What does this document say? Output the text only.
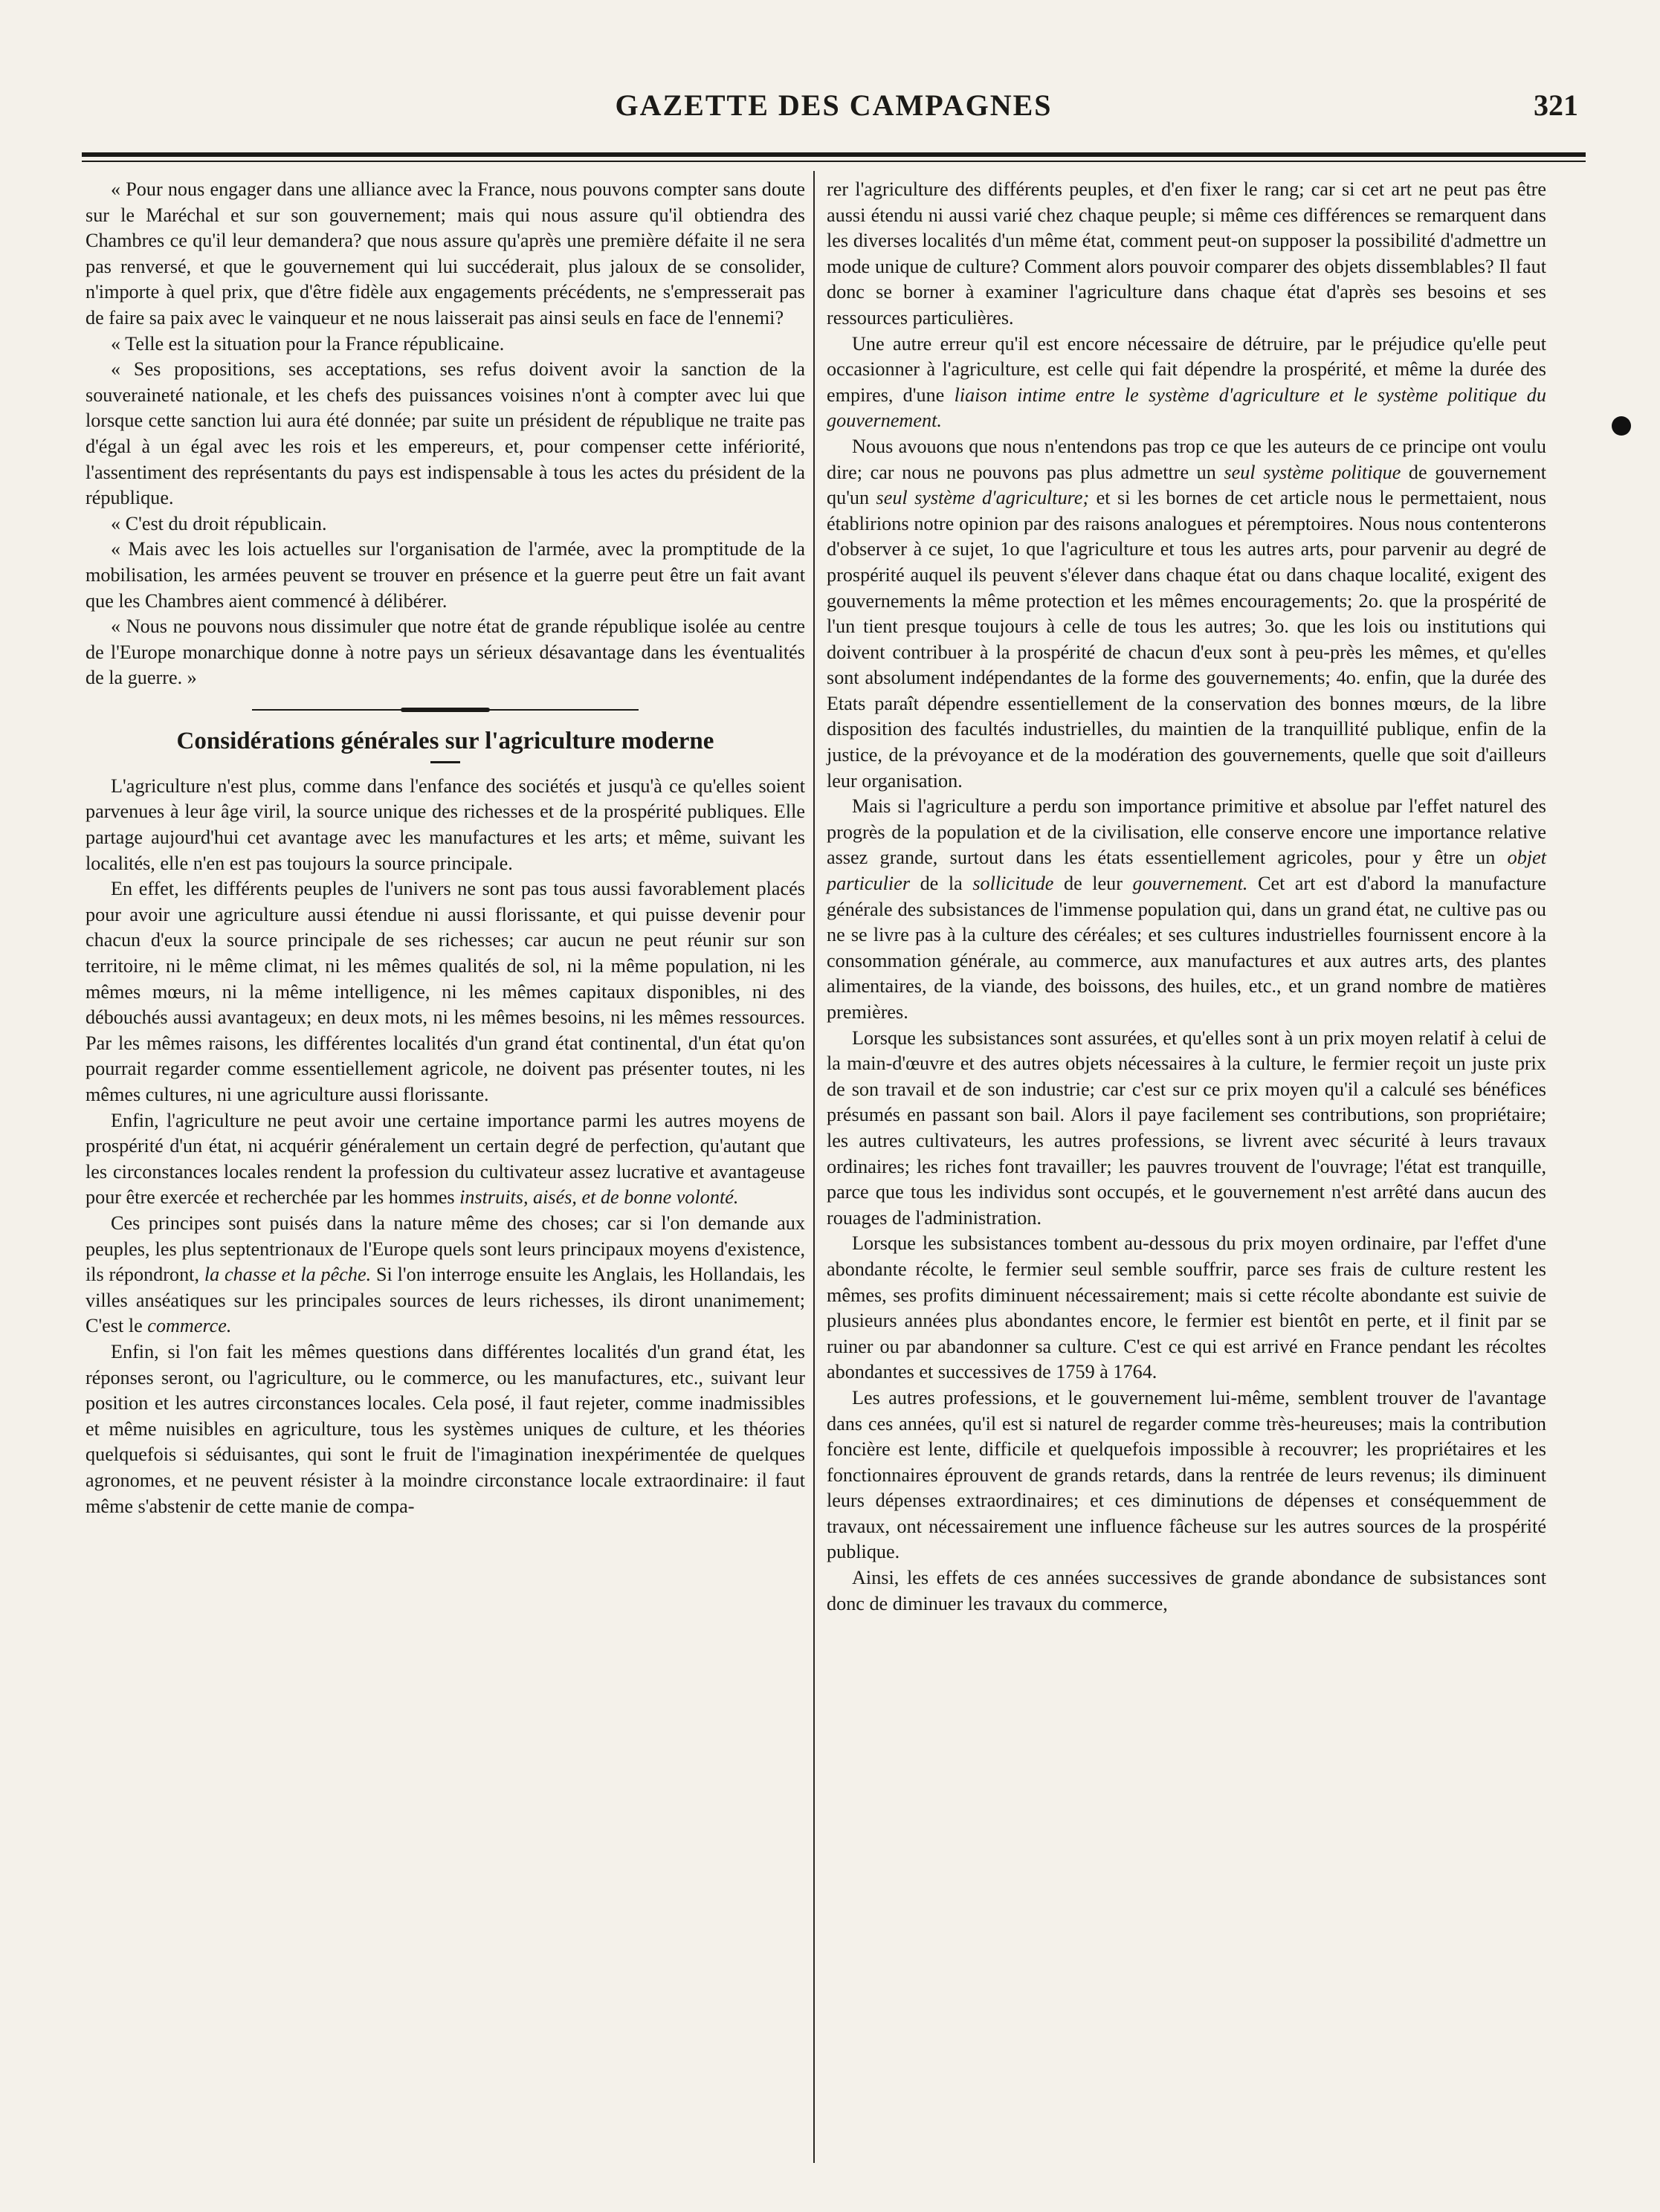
GAZETTE DES CAMPAGNES	321

« Pour nous engager dans une alliance avec la France, nous pouvons compter sans doute sur le Maréchal et sur son gouvernement; mais qui nous assure qu'il obtiendra des Chambres ce qu'il leur demandera? que nous assure qu'après une première défaite il ne sera pas renversé, et que le gouvernement qui lui succéderait, plus jaloux de se consolider, n'importe à quel prix, que d'être fidèle aux engagements précédents, ne s'empresserait pas de faire sa paix avec le vainqueur et ne nous laisserait pas ainsi seuls en face de l'ennemi?

« Telle est la situation pour la France républicaine.

« Ses propositions, ses acceptations, ses refus doivent avoir la sanction de la souveraineté nationale, et les chefs des puissances voisines n'ont à compter avec lui que lorsque cette sanction lui aura été donnée; par suite un président de république ne traite pas d'égal à un égal avec les rois et les empereurs, et, pour compenser cette infériorité, l'assentiment des représentants du pays est indispensable à tous les actes du président de la république.

« C'est du droit républicain.

« Mais avec les lois actuelles sur l'organisation de l'armée, avec la promptitude de la mobilisation, les armées peuvent se trouver en présence et la guerre peut être un fait avant que les Chambres aient commencé à délibérer.

« Nous ne pouvons nous dissimuler que notre état de grande république isolée au centre de l'Europe monarchique donne à notre pays un sérieux désavantage dans les éventualités de la guerre. »

Considérations générales sur l'agriculture moderne

L'agriculture n'est plus, comme dans l'enfance des sociétés et jusqu'à ce qu'elles soient parvenues à leur âge viril, la source unique des richesses et de la prospérité publiques. Elle partage aujourd'hui cet avantage avec les manufactures et les arts; et même, suivant les localités, elle n'en est pas toujours la source principale.

En effet, les différents peuples de l'univers ne sont pas tous aussi favorablement placés pour avoir une agriculture aussi étendue ni aussi florissante, et qui puisse devenir pour chacun d'eux la source principale de ses richesses; car aucun ne peut réunir sur son territoire, ni le même climat, ni les mêmes qualités de sol, ni la même population, ni les mêmes mœurs, ni la même intelligence, ni les mêmes capitaux disponibles, ni des débouchés aussi avantageux; en deux mots, ni les mêmes besoins, ni les mêmes ressources. Par les mêmes raisons, les différentes localités d'un grand état continental, d'un état qu'on pourrait regarder comme essentiellement agricole, ne doivent pas présenter toutes, ni les mêmes cultures, ni une agriculture aussi florissante.

Enfin, l'agriculture ne peut avoir une certaine importance parmi les autres moyens de prospérité d'un état, ni acquérir généralement un certain degré de perfection, qu'autant que les circonstances locales rendent la profession du cultivateur assez lucrative et avantageuse pour être exercée et recherchée par les hommes instruits, aisés, et de bonne volonté.

Ces principes sont puisés dans la nature même des choses; car si l'on demande aux peuples, les plus septentrionaux de l'Europe quels sont leurs principaux moyens d'existence, ils répondront, la chasse et la pêche. Si l'on interroge ensuite les Anglais, les Hollandais, les villes anséatiques sur les principales sources de leurs richesses, ils diront unanimement; C'est le commerce.

Enfin, si l'on fait les mêmes questions dans différentes localités d'un grand état, les réponses seront, ou l'agriculture, ou le commerce, ou les manufactures, etc., suivant leur position et les autres circonstances locales. Cela posé, il faut rejeter, comme inadmissibles et même nuisibles en agriculture, tous les systèmes uniques de culture, et les théories quelquefois si séduisantes, qui sont le fruit de l'imagination inexpérimentée de quelques agronomes, et ne peuvent résister à la moindre circonstance locale extraordinaire: il faut même s'abstenir de cette manie de compa-

rer l'agriculture des différents peuples, et d'en fixer le rang; car si cet art ne peut pas être aussi étendu ni aussi varié chez chaque peuple; si même ces différences se remarquent dans les diverses localités d'un même état, comment peut-on supposer la possibilité d'admettre un mode unique de culture? Comment alors pouvoir comparer des objets dissemblables? Il faut donc se borner à examiner l'agriculture dans chaque état d'après ses besoins et ses ressources particulières.

Une autre erreur qu'il est encore nécessaire de détruire, par le préjudice qu'elle peut occasionner à l'agriculture, est celle qui fait dépendre la prospérité, et même la durée des empires, d'une liaison intime entre le système d'agriculture et le système politique du gouvernement.

Nous avouons que nous n'entendons pas trop ce que les auteurs de ce principe ont voulu dire; car nous ne pouvons pas plus admettre un seul système politique de gouvernement qu'un seul système d'agriculture; et si les bornes de cet article nous le permettaient, nous établirions notre opinion par des raisons analogues et péremptoires. Nous nous contenterons d'observer à ce sujet, 1o que l'agriculture et tous les autres arts, pour parvenir au degré de prospérité auquel ils peuvent s'élever dans chaque état ou dans chaque localité, exigent des gouvernements la même protection et les mêmes encouragements; 2o. que la prospérité de l'un tient presque toujours à celle de tous les autres; 3o. que les lois ou institutions qui doivent contribuer à la prospérité de chacun d'eux sont à peu-près les mêmes, et qu'elles sont absolument indépendantes de la forme des gouvernements; 4o. enfin, que la durée des Etats paraît dépendre essentiellement de la conservation des bonnes mœurs, de la libre disposition des facultés industrielles, du maintien de la tranquillité publique, enfin de la justice, de la prévoyance et de la modération des gouvernements, quelle que soit d'ailleurs leur organisation.

Mais si l'agriculture a perdu son importance primitive et absolue par l'effet naturel des progrès de la population et de la civilisation, elle conserve encore une importance relative assez grande, surtout dans les états essentiellement agricoles, pour y être un objet particulier de la sollicitude de leur gouvernement. Cet art est d'abord la manufacture générale des subsistances de l'immense population qui, dans un grand état, ne cultive pas ou ne se livre pas à la culture des céréales; et ses cultures industrielles fournissent encore à la consommation générale, au commerce, aux manufactures et aux autres arts, des plantes alimentaires, de la viande, des boissons, des huiles, etc., et un grand nombre de matières premières.

Lorsque les subsistances sont assurées, et qu'elles sont à un prix moyen relatif à celui de la main-d'œuvre et des autres objets nécessaires à la culture, le fermier reçoit un juste prix de son travail et de son industrie; car c'est sur ce prix moyen qu'il a calculé ses bénéfices présumés en passant son bail. Alors il paye facilement ses contributions, son propriétaire; les autres cultivateurs, les autres professions, se livrent avec sécurité à leurs travaux ordinaires; les riches font travailler; les pauvres trouvent de l'ouvrage; l'état est tranquille, parce que tous les individus sont occupés, et le gouvernement n'est arrêté dans aucun des rouages de l'administration.

Lorsque les subsistances tombent au-dessous du prix moyen ordinaire, par l'effet d'une abondante récolte, le fermier seul semble souffrir, parce ses frais de culture restent les mêmes, ses profits diminuent nécessairement; mais si cette récolte abondante est suivie de plusieurs années plus abondantes encore, le fermier est bientôt en perte, et il finit par se ruiner ou par abandonner sa culture. C'est ce qui est arrivé en France pendant les récoltes abondantes et successives de 1759 à 1764.

Les autres professions, et le gouvernement lui-même, semblent trouver de l'avantage dans ces années, qu'il est si naturel de regarder comme très-heureuses; mais la contribution foncière est lente, difficile et quelquefois impossible à recouvrer; les propriétaires et les fonctionnaires éprouvent de grands retards, dans la rentrée de leurs revenus; ils diminuent leurs dépenses extraordinaires; et ces diminutions de dépenses et conséquemment de travaux, ont nécessairement une influence fâcheuse sur les autres sources de la prospérité publique.

Ainsi, les effets de ces années successives de grande abondance de subsistances sont donc de diminuer les travaux du commerce,
